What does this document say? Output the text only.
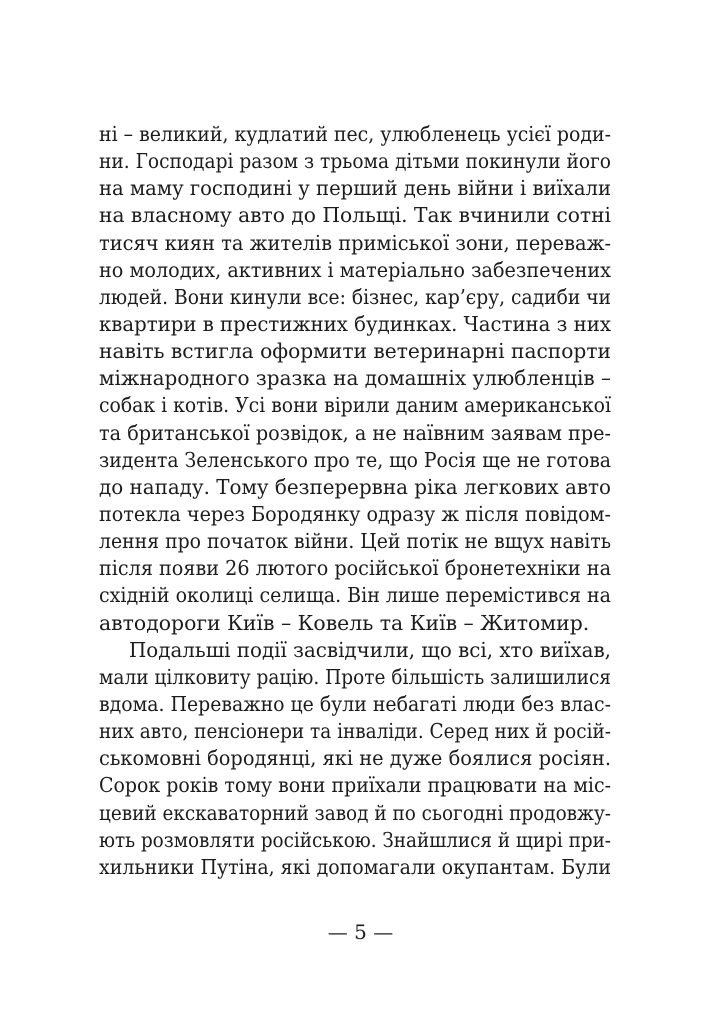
ні – великий, кудлатий пес, улюбленець усієї роди-
ни. Господарі разом з трьома дітьми покинули його
на маму господині у перший день війни і виїхали
на власному авто до Польщі. Так вчинили сотні
тисяч киян та жителів приміської зони, переваж-
но молодих, активних і матеріально забезпечених
людей. Вони кинули все: бізнес, кар’єру, садиби чи
квартири в престижних будинках. Частина з них
навіть встигла оформити ветеринарні паспорти
міжнародного зразка на домашніх улюбленців –
собак і котів. Усі вони вірили даним американської
та британської розвідок, а не наївним заявам пре-
зидента Зеленського про те, що Росія ще не готова
до нападу. Тому безперервна ріка легкових авто
потекла через Бородянку одразу ж після повідом-
лення про початок війни. Цей потік не вщух навіть
після появи 26 лютого російської бронетехніки на
східній околиці селища. Він лише перемістився на
автодороги Київ – Ковель та Київ – Житомир.
Подальші події засвідчили, що всі, хто виїхав,
мали цілковиту рацію. Проте більшість залишилися
вдома. Переважно це були небагаті люди без влас-
них авто, пенсіонери та інваліди. Серед них й росій-
ськомовні бородянці, які не дуже боялися росіян.
Сорок років тому вони приїхали працювати на міс-
цевий екскаваторний завод й по сьогодні продовжу-
ють розмовляти російською. Знайшлися й щирі при-
хильники Путіна, які допомагали окупантам. Були
— 5 —
